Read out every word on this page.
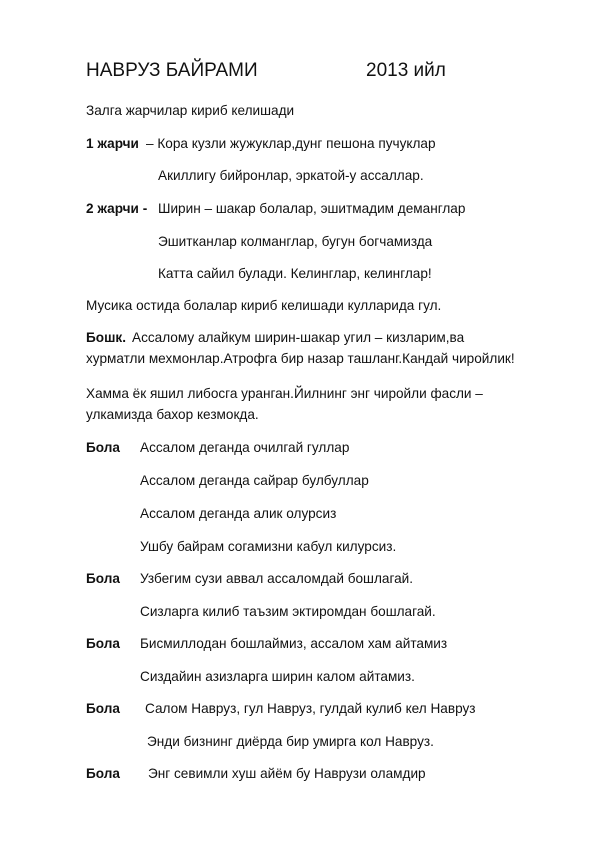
НАВРУЗ БАЙРАМИ	2013 ийл
Залга жарчилар кириб келишади
1 жарчи – Кора кузли жужуклар,дунг пешона пучуклар
Акиллигу бийронлар, эркатой-у ассаллар.
2 жарчи - Ширин – шакар болалар, эшитмадим деманглар
Эшитканлар колманглар, бугун богчамизда
Катта сайил булади. Келинглар, келинглар!
Мусика остида болалар кириб келишади кулларида гул.
Бошк. Ассалому алайкум ширин-шакар угил – кизларим,ва
хурматли мехмонлар.Атрофга бир назар ташланг.Кандай чиройлик!
Хамма ёк яшил либосга уранган.Йилнинг энг чиройли фасли –
улкамизда бахор кезмокда.
Бола Ассалом деганда очилгай гуллар
Ассалом деганда сайрар булбуллар
Ассалом деганда алик олурсиз
Ушбу байрам согамизни кабул килурсиз.
Бола Узбегим сузи аввал ассаломдай бошлагай.
Сизларга килиб таъзим эктиромдан бошлагай.
Бола Бисмиллодан бошлаймиз, ассалом хам айтамиз
Сиздайин азизларга ширин калом айтамиз.
Бола Салом Навруз, гул Навруз, гулдай кулиб кел Навруз
Энди бизнинг диёрда бир умирга кол Навруз.
Бола Энг севимли хуш айём бу Наврузи оламдир
